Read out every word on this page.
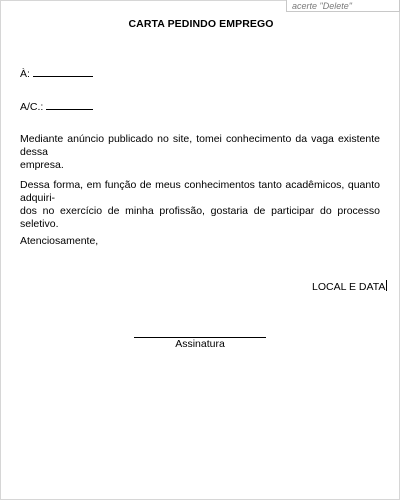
acerte "Delete"
CARTA PEDINDO EMPREGO
À:
A/C.:
Mediante anúncio publicado no site, tomei conhecimento da vaga existente dessa
empresa.
Dessa forma, em função de meus conhecimentos tanto acadêmicos, quanto adquiri-
dos no exercício de minha profissão, gostaria de participar do processo seletivo.
Atenciosamente,
LOCAL E DATA
Assinatura
